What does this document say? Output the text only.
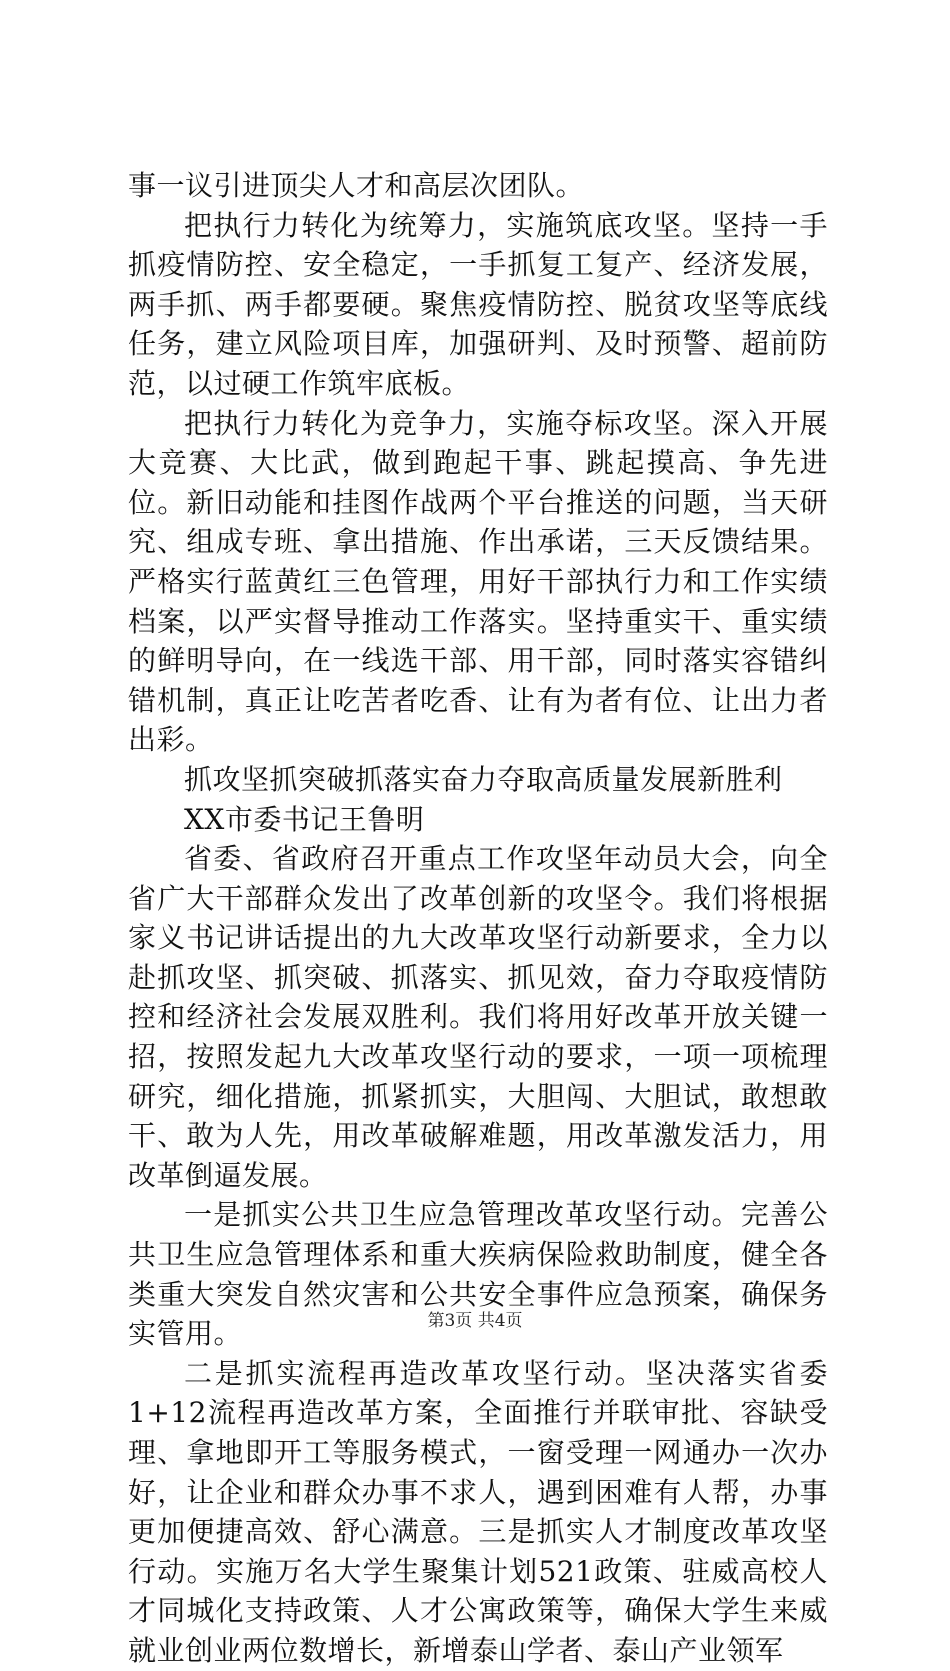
事一议引进顶尖人才和高层次团队。

把执行力转化为统筹力，实施筑底攻坚。坚持一手抓疫情防控、安全稳定，一手抓复工复产、经济发展，两手抓、两手都要硬。聚焦疫情防控、脱贫攻坚等底线任务，建立风险项目库，加强研判、及时预警、超前防范，以过硬工作筑牢底板。

把执行力转化为竞争力，实施夺标攻坚。深入开展大竞赛、大比武，做到跑起干事、跳起摸高、争先进位。新旧动能和挂图作战两个平台推送的问题，当天研究、组成专班、拿出措施、作出承诺，三天反馈结果。严格实行蓝黄红三色管理，用好干部执行力和工作实绩档案，以严实督导推动工作落实。坚持重实干、重实绩的鲜明导向，在一线选干部、用干部，同时落实容错纠错机制，真正让吃苦者吃香、让有为者有位、让出力者出彩。

抓攻坚抓突破抓落实奋力夺取高质量发展新胜利

XX市委书记王鲁明

省委、省政府召开重点工作攻坚年动员大会，向全省广大干部群众发出了改革创新的攻坚令。我们将根据家义书记讲话提出的九大改革攻坚行动新要求，全力以赴抓攻坚、抓突破、抓落实、抓见效，奋力夺取疫情防控和经济社会发展双胜利。我们将用好改革开放关键一招，按照发起九大改革攻坚行动的要求，一项一项梳理研究，细化措施，抓紧抓实，大胆闯、大胆试，敢想敢干、敢为人先，用改革破解难题，用改革激发活力，用改革倒逼发展。

一是抓实公共卫生应急管理改革攻坚行动。完善公共卫生应急管理体系和重大疾病保险救助制度，健全各类重大突发自然灾害和公共安全事件应急预案，确保务实管用。

二是抓实流程再造改革攻坚行动。坚决落实省委1+12流程再造改革方案，全面推行并联审批、容缺受理、拿地即开工等服务模式，一窗受理一网通办一次办好，让企业和群众办事不求人，遇到困难有人帮，办事更加便捷高效、舒心满意。三是抓实人才制度改革攻坚行动。实施万名大学生聚集计划521政策、驻威高校人才同城化支持政策、人才公寓政策等，确保大学生来威就业创业两位数增长，新增泰山学者、泰山产业领军

第3页 共4页
